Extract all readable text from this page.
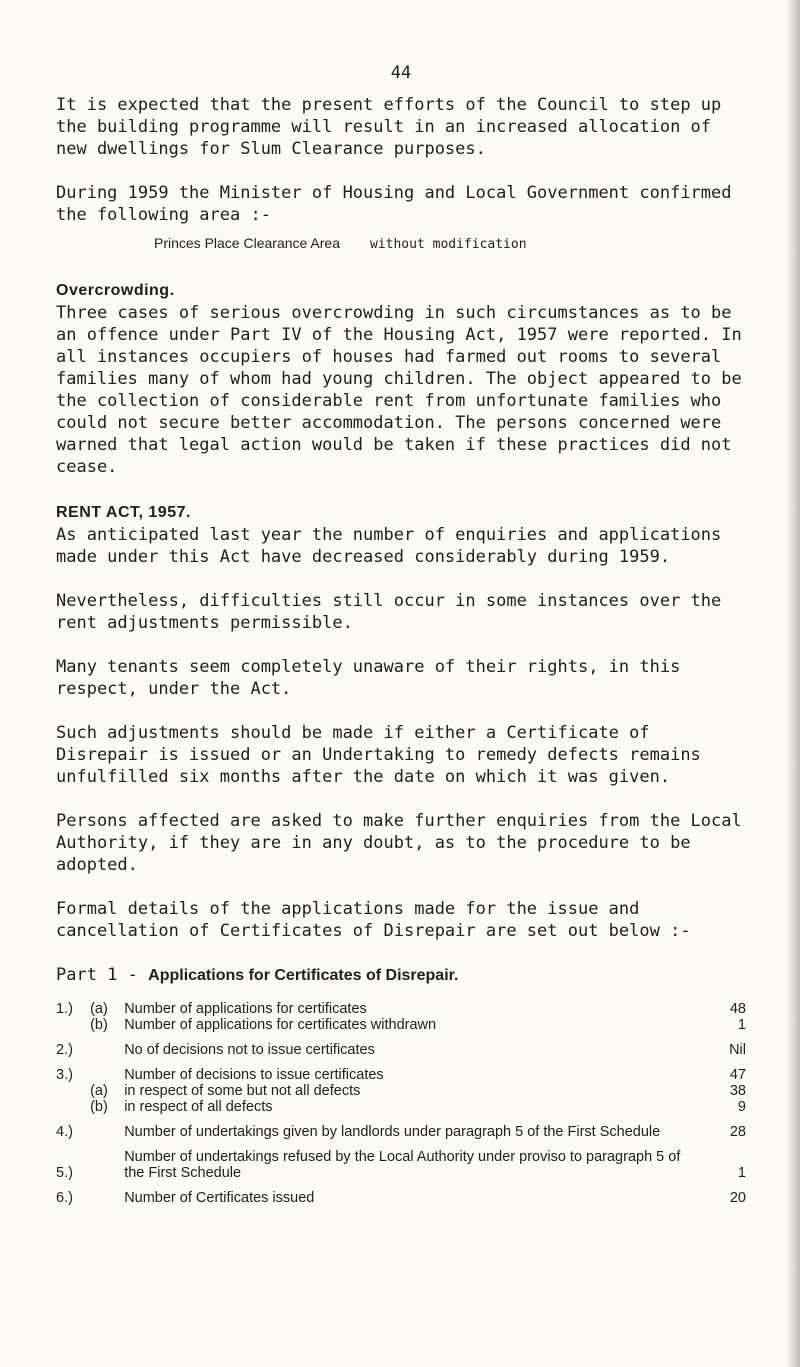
44

It is expected that the present efforts of the Council to step up the building programme will result in an increased allocation of new dwellings for Slum Clearance purposes.

During 1959 the Minister of Housing and Local Government confirmed the following area :-

Princes Place Clearance Area without modification
Overcrowding.

Three cases of serious overcrowding in such circumstances as to be an offence under Part IV of the Housing Act, 1957 were reported. In all instances occupiers of houses had farmed out rooms to several families many of whom had young children. The object appeared to be the collection of considerable rent from unfortunate families who could not secure better accommodation. The persons concerned were warned that legal action would be taken if these practices did not cease.

RENT ACT, 1957.

As anticipated last year the number of enquiries and applications made under this Act have decreased considerably during 1959.

Nevertheless, difficulties still occur in some instances over the rent adjustments permissible.

Many tenants seem completely unaware of their rights, in this respect, under the Act.

Such adjustments should be made if either a Certificate of Disrepair is issued or an Undertaking to remedy defects remains unfulfilled six months after the date on which it was given.

Persons affected are asked to make further enquiries from the Local Authority, if they are in any doubt, as to the procedure to be adopted.

Formal details of the applications made for the issue and cancellation of Certificates of Disrepair are set out below :-

Part 1 - Applications for Certificates of Disrepair.
1.)	(a)	Number of applications for certificates	48
	(b)	Number of applications for certificates withdrawn	1
2.)		No of decisions not to issue certificates	Nil
3.)		Number of decisions to issue certificates	47
	(a)	in respect of some but not all defects	38
	(b)	in respect of all defects	9
4.)		Number of undertakings given by landlords under paragraph 5 of the First Schedule	28
5.)		Number of undertakings refused by the Local Authority under proviso to paragraph 5 of the First Schedule	1
6.)		Number of Certificates issued	20
